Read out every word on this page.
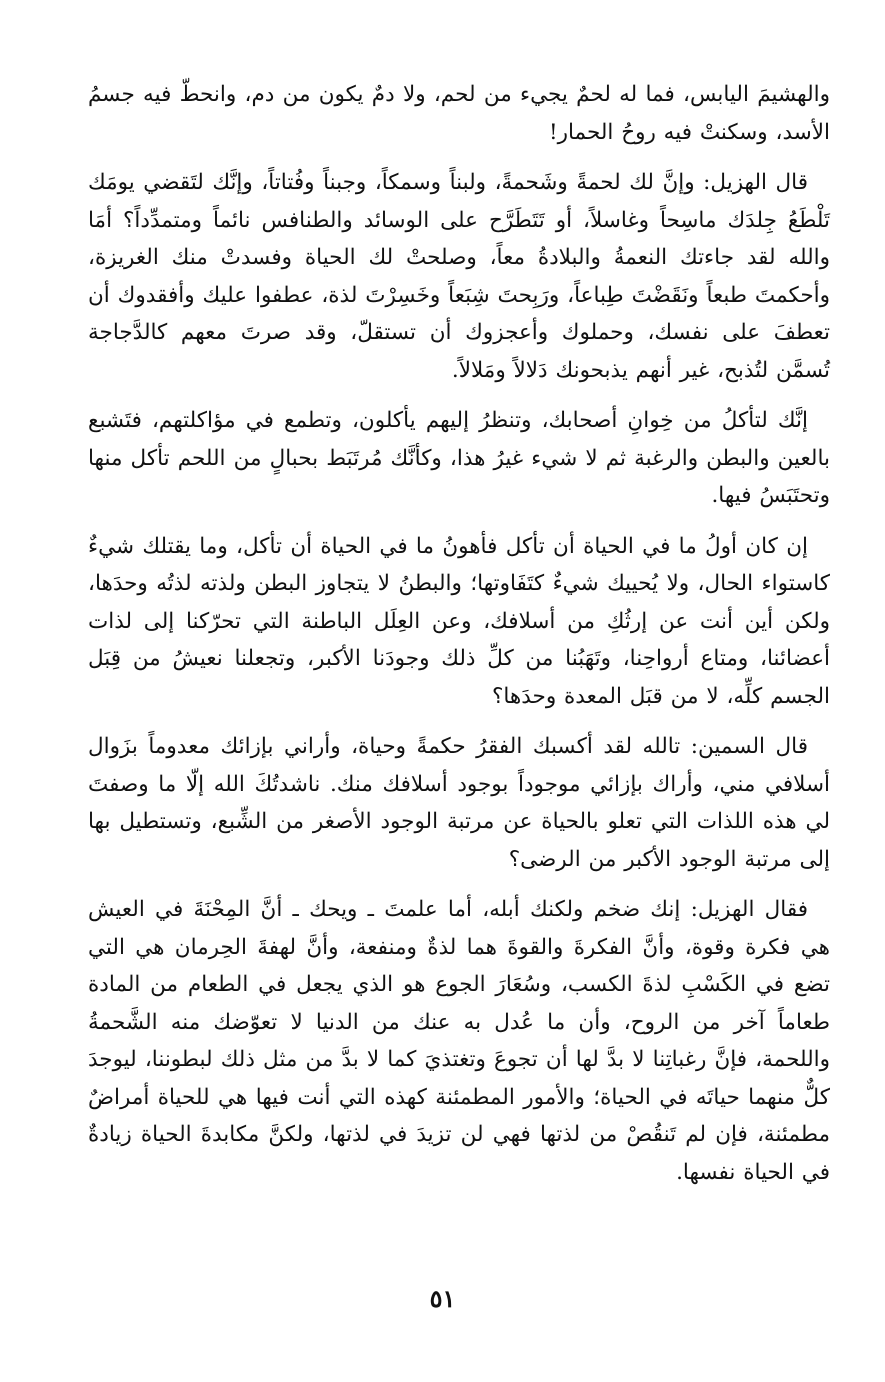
والهشيمَ اليابس، فما له لحمٌ يجيء من لحم، ولا دمٌ يكون من دم، وانحطّ فيه جسمُ الأسد، وسكنتْ فيه روحُ الحمار!

قال الهزيل: وإنَّ لك لحمةً وشَحمةً، ولبناً وسمكاً، وجبناً وفُتاتاً، وإنَّك لتَقضي يومَك تَلْطَعُ جِلدَك ماسِحاً وغاسلاً، أو تَتَطَرَّح على الوسائد والطنافس نائماً ومتمدِّداً؟ أمَا والله لقد جاءتك النعمةُ والبلادةُ معاً، وصلحتْ لك الحياة وفسدتْ منك الغريزة، وأحكمتَ طبعاً ونَقَضْتَ طِباعاً، ورَبِحتَ شِبَعاً وخَسِرْتَ لذة، عطفوا عليك وأفقدوك أن تعطفَ على نفسك، وحملوك وأعجزوك أن تستقلّ، وقد صرتَ معهم كالدَّجاجة تُسمَّن لتُذبح، غير أنهم يذبحونك دَلالاً ومَلالاً.

إنَّك لتأكلُ من خِوانِ أصحابك، وتنظرُ إليهم يأكلون، وتطمع في مؤاكلتهم، فتَشبع بالعين والبطن والرغبة ثم لا شيء غيرُ هذا، وكأنَّك مُرتَبَط بحبالٍ من اللحم تأكل منها وتحتَبَسُ فيها.

إن كان أولُ ما في الحياة أن تأكل فأهونُ ما في الحياة أن تأكل، وما يقتلك شيءٌ كاستواء الحال، ولا يُحييك شيءٌ كتَفَاوتها؛ والبطنُ لا يتجاوز البطن ولذته لذتُه وحدَها، ولكن أين أنت عن إرثُكِ من أسلافك، وعن العِلَل الباطنة التي تحرّكنا إلى لذات أعضائنا، ومتاع أرواحِنا، وتَهَبُنا من كلِّ ذلك وجودَنا الأكبر، وتجعلنا نعيشُ من قِبَل الجسم كلِّه، لا من قبَل المعدة وحدَها؟

قال السمين: تالله لقد أكسبك الفقرُ حكمةً وحياة، وأراني بإزائك معدوماً بزَوال أسلافي مني، وأراك بإزائي موجوداً بوجود أسلافك منك. ناشدتُكَ الله إلّا ما وصفتَ لي هذه اللذات التي تعلو بالحياة عن مرتبة الوجود الأصغر من الشِّبع، وتستطيل بها إلى مرتبة الوجود الأكبر من الرضى؟

فقال الهزيل: إنك ضخم ولكنك أبله، أما علمتَ ـ ويحك ـ أنَّ المِحْنَةَ في العيش هي فكرة وقوة، وأنَّ الفكرةَ والقوةَ هما لذةٌ ومنفعة، وأنَّ لهفةَ الحِرمان هي التي تضع في الكَسْبِ لذةَ الكسب، وسُعَارَ الجوع هو الذي يجعل في الطعام من المادة طعاماً آخر من الروح، وأن ما عُدل به عنك من الدنيا لا تعوّضك منه الشَّحمةُ واللحمة، فإنَّ رغباتِنا لا بدَّ لها أن تجوعَ وتغتذيَ كما لا بدَّ من مثل ذلك لبطوننا، ليوجدَ كلٌّ منهما حياتَه في الحياة؛ والأمور المطمئنة كهذه التي أنت فيها هي للحياة أمراضٌ مطمئنة، فإن لم تَنقُصْ من لذتها فهي لن تزيدَ في لذتها، ولكنَّ مكابدةَ الحياة زيادةٌ في الحياة نفسها.

٥١
